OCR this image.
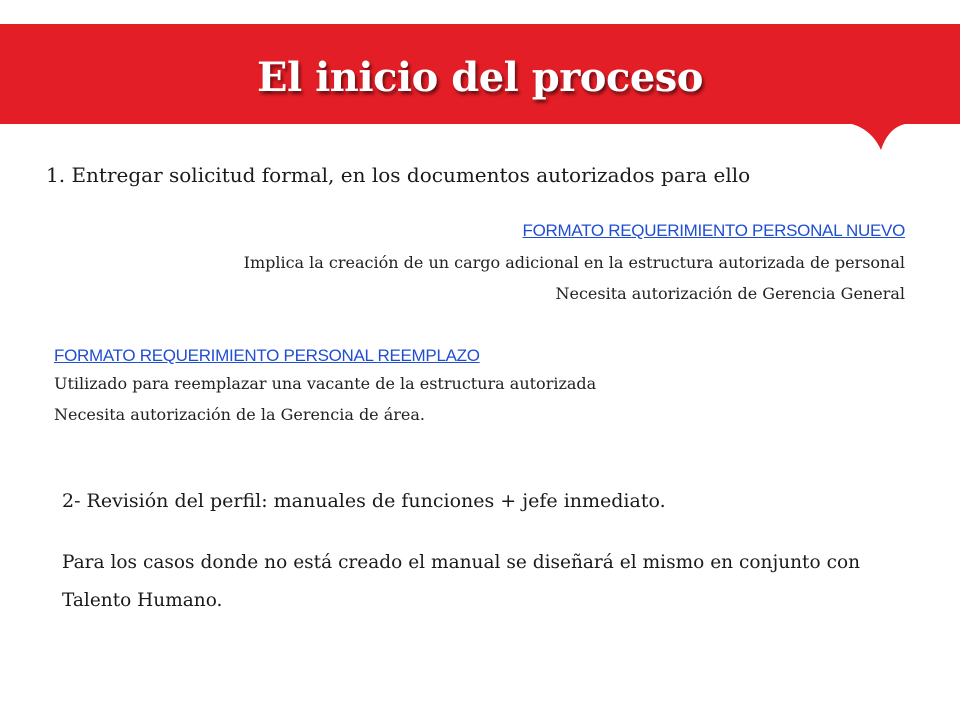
El inicio del proceso
1. Entregar solicitud formal, en los documentos autorizados para ello
FORMATO REQUERIMIENTO PERSONAL NUEVO
Implica la creación de un cargo adicional en la estructura autorizada de personal
Necesita autorización de Gerencia General
FORMATO REQUERIMIENTO PERSONAL REEMPLAZO
Utilizado para reemplazar una vacante de la estructura autorizada
Necesita autorización de la Gerencia de área.
2- Revisión del perfil: manuales de funciones + jefe inmediato.
Para los casos donde no está creado el manual se diseñará el mismo en conjunto con Talento Humano.
